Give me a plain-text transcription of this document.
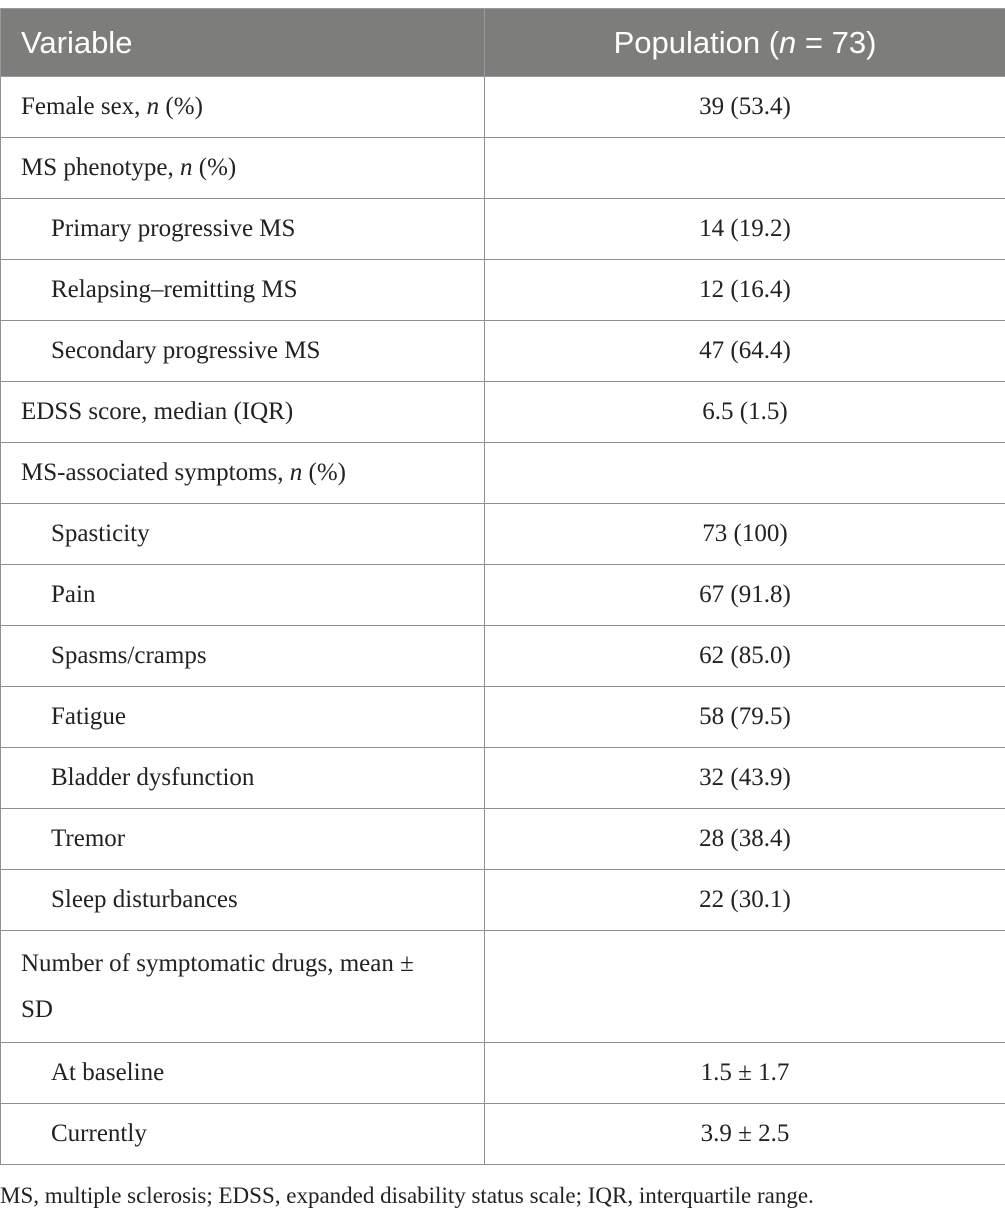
Variable	Population (n = 73)
Female sex, n (%)	39 (53.4)
MS phenotype, n (%)	
Primary progressive MS	14 (19.2)
Relapsing–remitting MS	12 (16.4)
Secondary progressive MS	47 (64.4)
EDSS score, median (IQR)	6.5 (1.5)
MS-associated symptoms, n (%)	
Spasticity	73 (100)
Pain	67 (91.8)
Spasms/cramps	62 (85.0)
Fatigue	58 (79.5)
Bladder dysfunction	32 (43.9)
Tremor	28 (38.4)
Sleep disturbances	22 (30.1)

Number of symptomatic drugs, mean ± SD	

At baseline	1.5 ± 1.7
Currently	3.9 ± 2.5

MS, multiple sclerosis; EDSS, expanded disability status scale; IQR, interquartile range.
